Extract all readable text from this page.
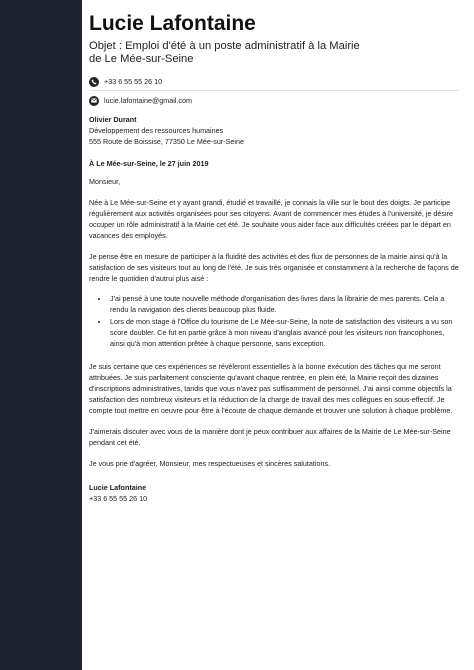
Lucie Lafontaine
Objet : Emploi d'été à un poste administratif à la Mairie
de Le Mée-sur-Seine
+33 6 55 55 26 10
lucie.lafontaine@gmail.com
Olivier Durant
Développement des ressources humaines
555 Route de Boissise, 77350 Le Mée-sur-Seine

À Le Mée-sur-Seine, le 27 juin 2019

Monsieur,

Née à Le Mée-sur-Seine et y ayant grandi, étudié et travaillé, je connais la ville sur le bout des doigts. Je participe régulièrement aux activités organisées pour ses citoyens. Avant de commencer mes études à l'université, je désire occuper un rôle administratif à la Mairie cet été. Je souhaite vous aider face aux difficultés créées par le départ en vacances des employés.

Je pense être en mesure de participer à la fluidité des activités et des flux de personnes de la mairie ainsi qu'à la satisfaction de ses visiteurs tout au long de l'été. Je suis très organisée et constamment à la recherche de façons de rendre le quotidien d'autrui plus aisé :

• J'ai pensé à une toute nouvelle méthode d'organisation des livres dans la librairie de mes parents. Cela a rendu la navigation des clients beaucoup plus fluide.
• Lors de mon stage à l'Office du tourisme de Le Mée-sur-Seine, la note de satisfaction des visiteurs a vu son score doubler. Ce fut en partie grâce à mon niveau d'anglais avancé pour les visiteurs non francophones, ainsi qu'à mon attention prêtée à chaque personne, sans exception.

Je suis certaine que ces expériences se révèleront essentielles à la bonne exécution des tâches qui me seront attribuées. Je suis parfaitement consciente qu'avant chaque rentrée, en plein été, la Mairie reçoit des dizaines d'inscriptions administratives, tandis que vous n'avez pas suffisamment de personnel. J'ai ainsi comme objectifs la satisfaction des nombreux visiteurs et la réduction de la charge de travail des mes collègues en sous-effectif. Je compte tout mettre en oeuvre pour être à l'écoute de chaque demande et trouver une solution à chaque problème.

J'aimerais discuter avec vous de la manière dont je peux contribuer aux affaires de la Mairie de Le Mée-sur-Seine pendant cet été.

Je vous prie d'agréer, Monsieur, mes respectueuses et sincères salutations.

Lucie Lafontaine
+33 6 55 55 26 10
